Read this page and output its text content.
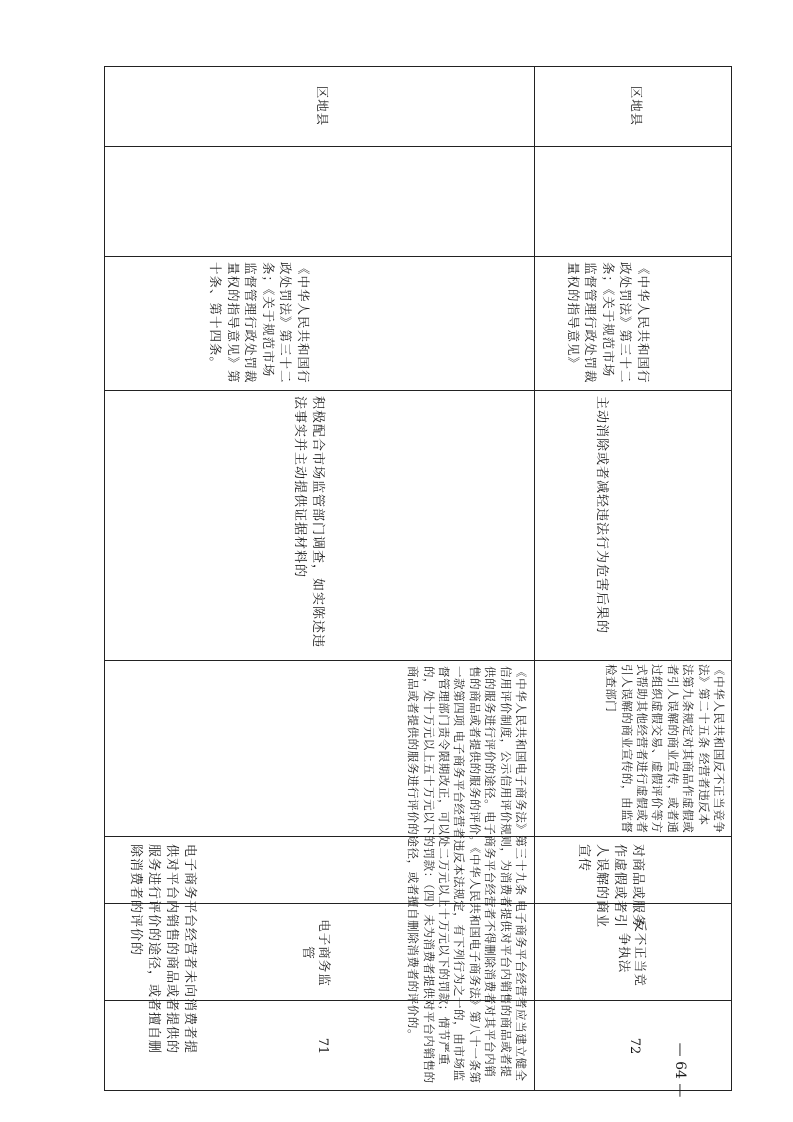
71
电子商务监管
电子商务平台经营者未向消费者提供对平台内销售的商品或者提供的服务进行评价的途径，或者擅自删除消费者的评价的	《中华人民共和国电子商务法》第三十九条 电子商务平台经营者应当建立健全信用评价制度，公示信用评价规则，为消费者提供对平台内销售的商品或者提供的服务进行评价的途径。电子商务平台经营者不得删除消费者对其平台内销售的商品或者提供的服务的评价。《中华人民共和国电子商务法》第八十一条第一款第四项 电子商务平台经营者违反本法规定，有下列行为之一的，由市场监督管理部门责令限期改正，可以处二万元以上十万元以下的罚款；情节严重的，处十万元以上五十万元以下的罚款：（四）未为消费者提供对平台内销售的商品或者提供的服务进行评价的途径，或者擅自删除消费者的评价的。
积极配合市场监管部门调查，如实陈述违法事实并主动提供证据材料的
《中华人民共和国行政处罚法》第三十二条；《关于规范市场监督管理行政处罚裁量权的指导意见》第十条、第十四条。
区地县
72
反不正当竞争执法
对商品或服务作虚假或者引人误解的商业宣传
《中华人民共和国反不正当竞争法》第二十五条 经营者违反本法第九条规定对其商品作虚假或者引人误解的商业宣传，或者通过组织虚假交易、虚假评价等方式帮助其他经营者进行虚假或者引人误解的商业宣传的，由监督检查部门
主动消除或者减轻违法行为危害后果的
《中华人民共和国行政处罚法》第三十二条；《关于规范市场监督管理行政处罚裁量权的指导意见》
区地县
— 64 —
